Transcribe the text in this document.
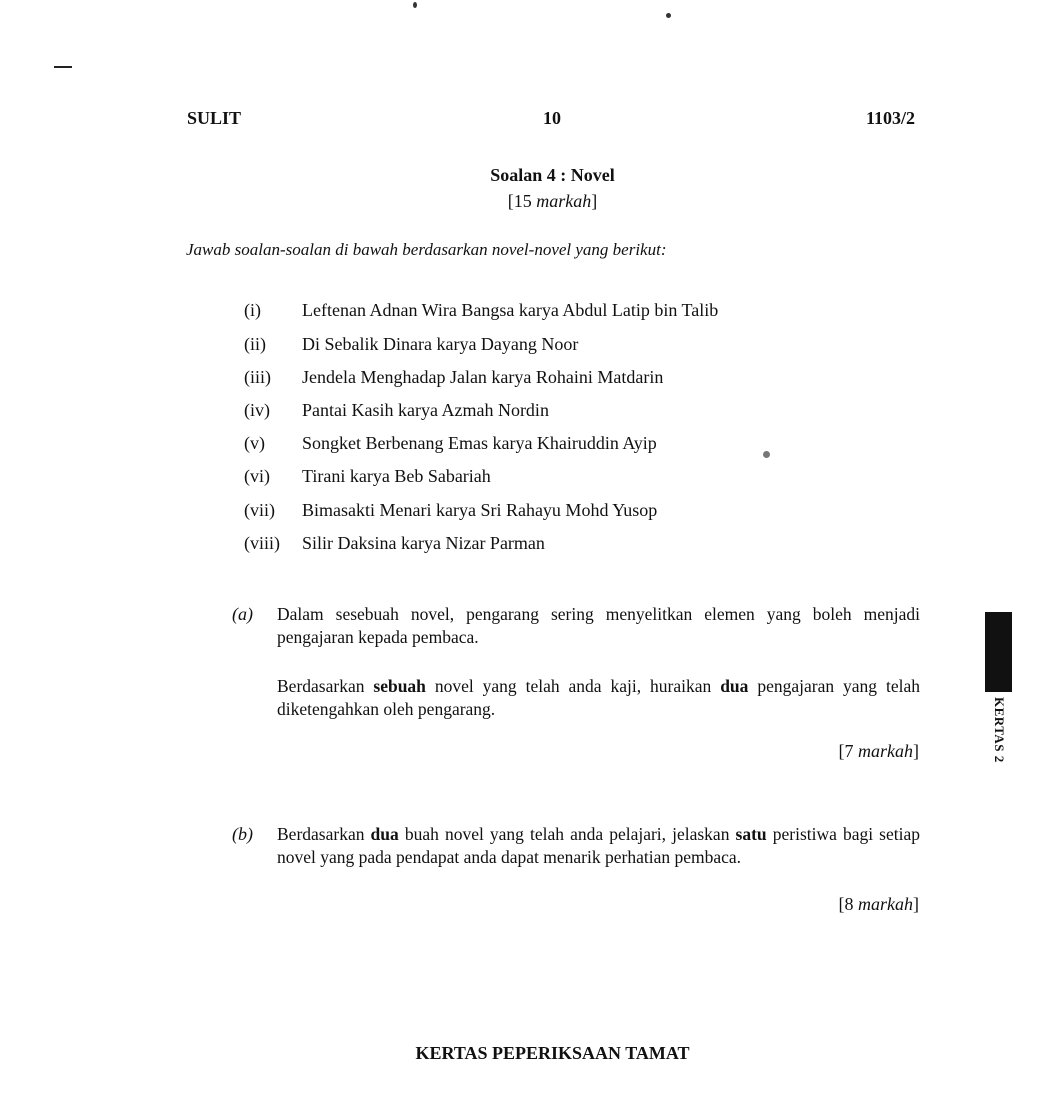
SULIT	10	1103/2
Soalan 4 : Novel
[15 markah]
Jawab soalan-soalan di bawah berdasarkan novel-novel yang berikut:
(i) Leftenan Adnan Wira Bangsa karya Abdul Latip bin Talib
(ii) Di Sebalik Dinara karya Dayang Noor
(iii) Jendela Menghadap Jalan karya Rohaini Matdarin
(iv) Pantai Kasih karya Azmah Nordin
(v) Songket Berbenang Emas karya Khairuddin Ayip
(vi) Tirani karya Beb Sabariah
(vii) Bimasakti Menari karya Sri Rahayu Mohd Yusop
(viii) Silir Daksina karya Nizar Parman
(a) Dalam sesebuah novel, pengarang sering menyelitkan elemen yang boleh menjadi pengajaran kepada pembaca.
Berdasarkan sebuah novel yang telah anda kaji, huraikan dua pengajaran yang telah diketengahkan oleh pengarang.
[7 markah]
(b) Berdasarkan dua buah novel yang telah anda pelajari, jelaskan satu peristiwa bagi setiap novel yang pada pendapat anda dapat menarik perhatian pembaca.
[8 markah]
KERTAS 2
KERTAS PEPERIKSAAN TAMAT
